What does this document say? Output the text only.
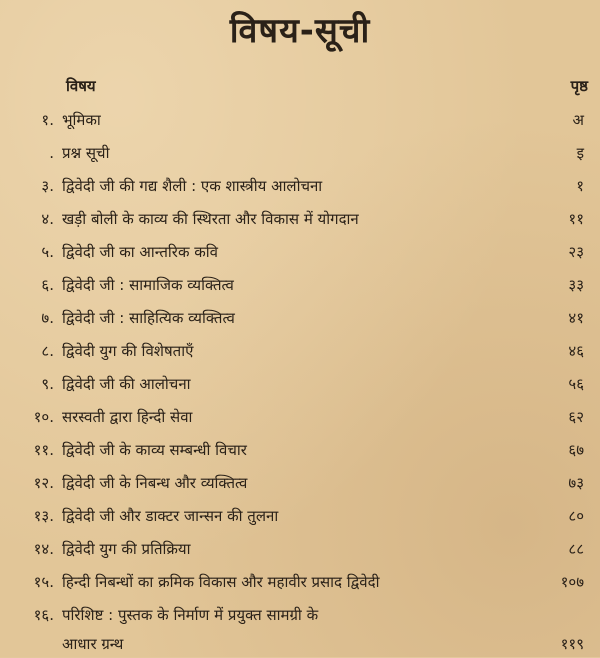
विषय-सूची
विषय	पृष्ठ
१. भूमिका	अ
. प्रश्न सूची	इ
३. द्विवेदी जी की गद्य शैली : एक शास्त्रीय आलोचना	१
४. खड़ी बोली के काव्य की स्थिरता और विकास में योगदान	११
५. द्विवेदी जी का आन्तरिक कवि	२३
६. द्विवेदी जी : सामाजिक व्यक्तित्व	३३
७. द्विवेदी जी : साहित्यिक व्यक्तित्व	४१
८. द्विवेदी युग की विशेषताएँ	४६
९. द्विवेदी जी की आलोचना	५६
१०. सरस्वती द्वारा हिन्दी सेवा	६२
११. द्विवेदी जी के काव्य सम्बन्धी विचार	६७
१२. द्विवेदी जी के निबन्ध और व्यक्तित्व	७३
१३. द्विवेदी जी और डाक्टर जान्सन की तुलना	८०
१४. द्विवेदी युग की प्रतिक्रिया	८८
१५. हिन्दी निबन्धों का क्रमिक विकास और महावीर प्रसाद द्विवेदी	१०७
१६. परिशिष्ट : पुस्तक के निर्माण में प्रयुक्त सामग्री के
आधार ग्रन्थ	११९
